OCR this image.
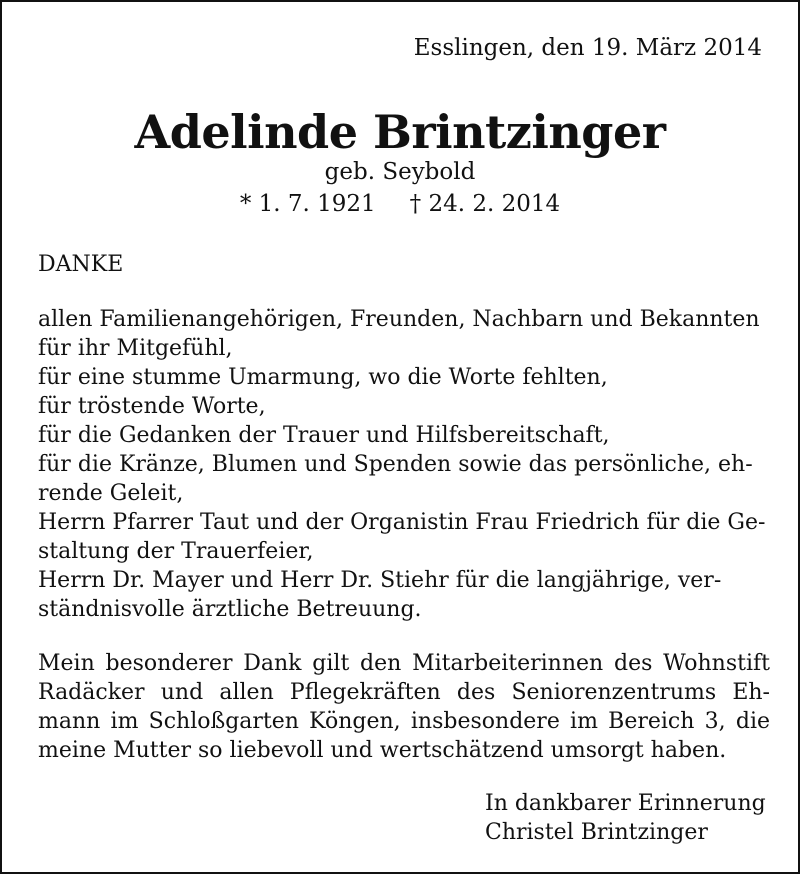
Esslingen, den 19. März 2014
Adelinde Brintzinger
geb. Seybold
* 1. 7. 1921 † 24. 2. 2014
DANKE
allen Familienangehörigen, Freunden, Nachbarn und Bekannten
für ihr Mitgefühl,
für eine stumme Umarmung, wo die Worte fehlten,
für tröstende Worte,
für die Gedanken der Trauer und Hilfsbereitschaft,
für die Kränze, Blumen und Spenden sowie das persönliche, eh-
rende Geleit,
Herrn Pfarrer Taut und der Organistin Frau Friedrich für die Ge-
staltung der Trauerfeier,
Herrn Dr. Mayer und Herr Dr. Stiehr für die langjährige, ver-
ständnisvolle ärztliche Betreuung.
Mein besonderer Dank gilt den Mitarbeiterinnen des Wohnstift
Radäcker und allen Pflegekräften des Seniorenzentrums Eh-
mann im Schloßgarten Köngen, insbesondere im Bereich 3, die
meine Mutter so liebevoll und wertschätzend umsorgt haben.
In dankbarer Erinnerung
Christel Brintzinger
